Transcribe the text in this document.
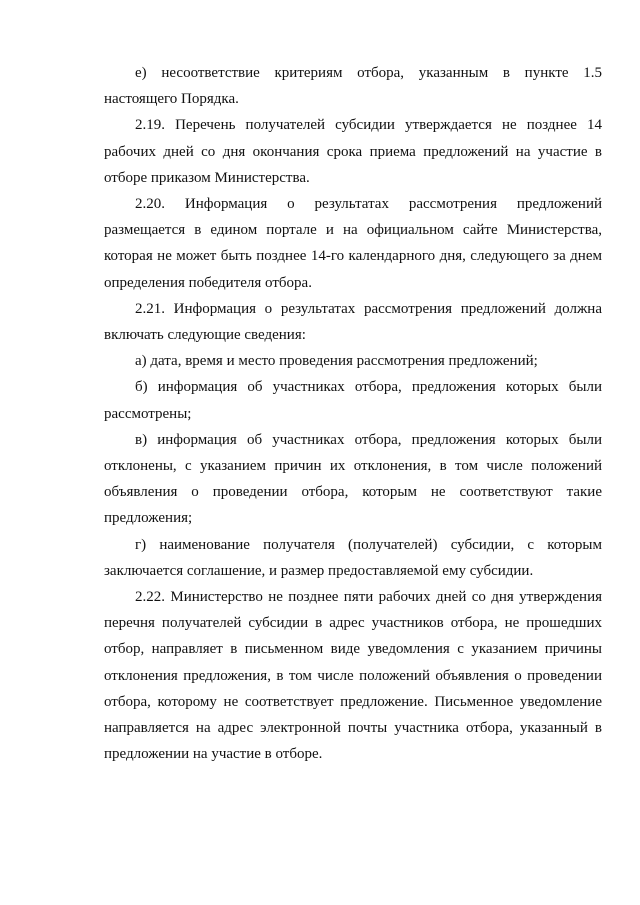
е) несоответствие критериям отбора, указанным в пункте 1.5 настоящего Порядка.

2.19. Перечень получателей субсидии утверждается не позднее 14 рабочих дней со дня окончания срока приема предложений на участие в отборе приказом Министерства.

2.20. Информация о результатах рассмотрения предложений размещается в едином портале и на официальном сайте Министерства, которая не может быть позднее 14-го календарного дня, следующего за днем определения победителя отбора.

2.21. Информация о результатах рассмотрения предложений должна включать следующие сведения:

а) дата, время и место проведения рассмотрения предложений;

б) информация об участниках отбора, предложения которых были рассмотрены;

в) информация об участниках отбора, предложения которых были отклонены, с указанием причин их отклонения, в том числе положений объявления о проведении отбора, которым не соответствуют такие предложения;

г) наименование получателя (получателей) субсидии, с которым заключается соглашение, и размер предоставляемой ему субсидии.

2.22. Министерство не позднее пяти рабочих дней со дня утверждения перечня получателей субсидии в адрес участников отбора, не прошедших отбор, направляет в письменном виде уведомления с указанием причины отклонения предложения, в том числе положений объявления о проведении отбора, которому не соответствует предложение. Письменное уведомление направляется на адрес электронной почты участника отбора, указанный в предложении на участие в отборе.
